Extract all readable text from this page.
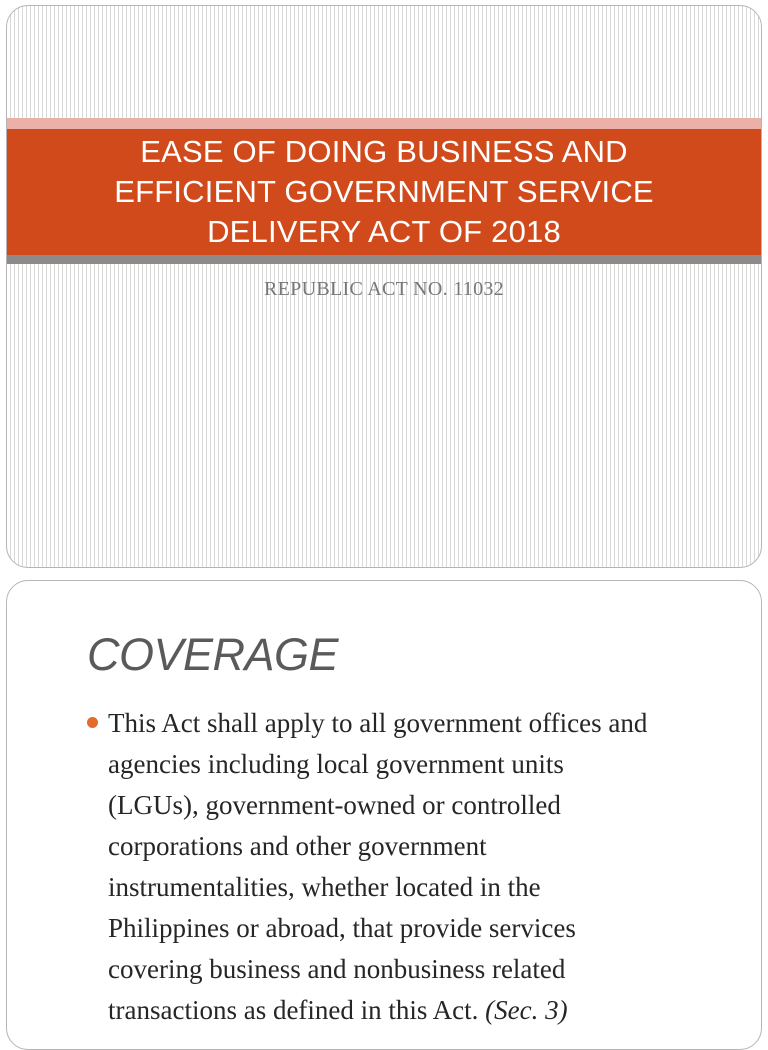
EASE OF DOING BUSINESS AND
EFFICIENT GOVERNMENT SERVICE
DELIVERY ACT OF 2018
REPUBLIC ACT NO. 11032
COVERAGE
This Act shall apply to all government offices and
agencies including local government units
(LGUs), government-owned or controlled
corporations and other government
instrumentalities, whether located in the
Philippines or abroad, that provide services
covering business and nonbusiness related
transactions as defined in this Act. (Sec. 3)
